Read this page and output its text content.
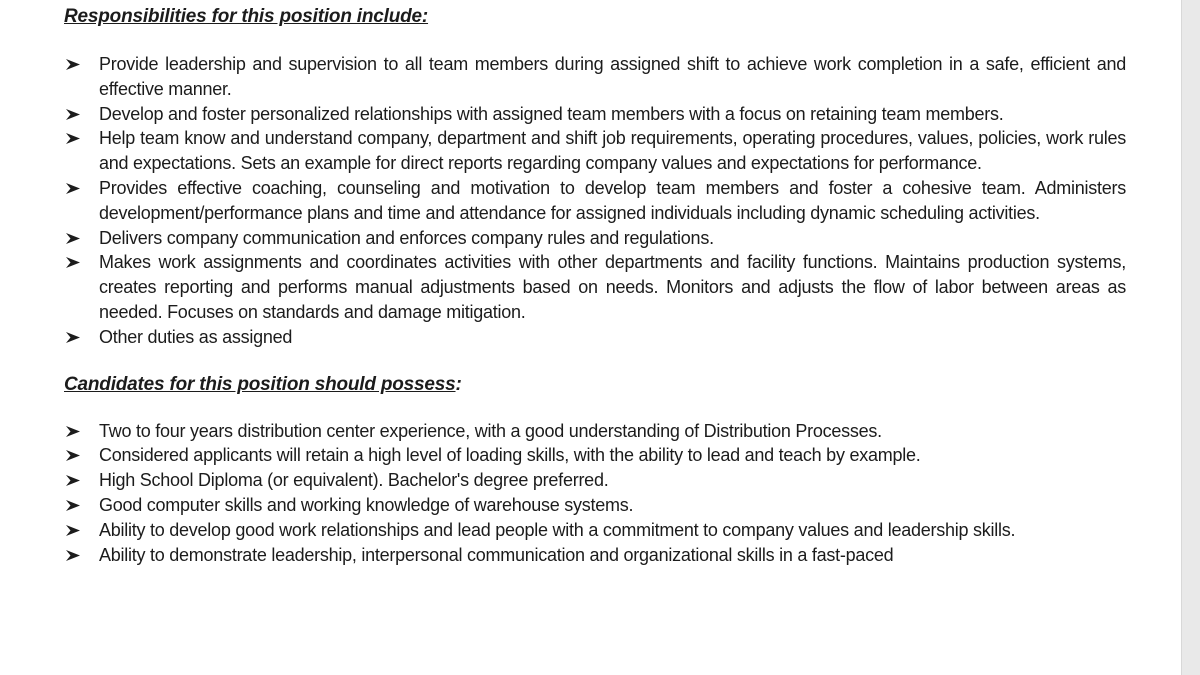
Responsibilities for this position include:
Provide leadership and supervision to all team members during assigned shift to achieve work completion in a safe, efficient and effective manner.
Develop and foster personalized relationships with assigned team members with a focus on retaining team members.
Help team know and understand company, department and shift job requirements, operating procedures, values, policies, work rules and expectations. Sets an example for direct reports regarding company values and expectations for performance.
Provides effective coaching, counseling and motivation to develop team members and foster a cohesive team. Administers development/performance plans and time and attendance for assigned individuals including dynamic scheduling activities.
Delivers company communication and enforces company rules and regulations.
Makes work assignments and coordinates activities with other departments and facility functions. Maintains production systems, creates reporting and performs manual adjustments based on needs. Monitors and adjusts the flow of labor between areas as needed. Focuses on standards and damage mitigation.
Other duties as assigned
Candidates for this position should possess:
Two to four years distribution center experience, with a good understanding of Distribution Processes.
Considered applicants will retain a high level of loading skills, with the ability to lead and teach by example.
High School Diploma (or equivalent). Bachelor's degree preferred.
Good computer skills and working knowledge of warehouse systems.
Ability to develop good work relationships and lead people with a commitment to company values and leadership skills.
Ability to demonstrate leadership, interpersonal communication and organizational skills in a fast-paced
